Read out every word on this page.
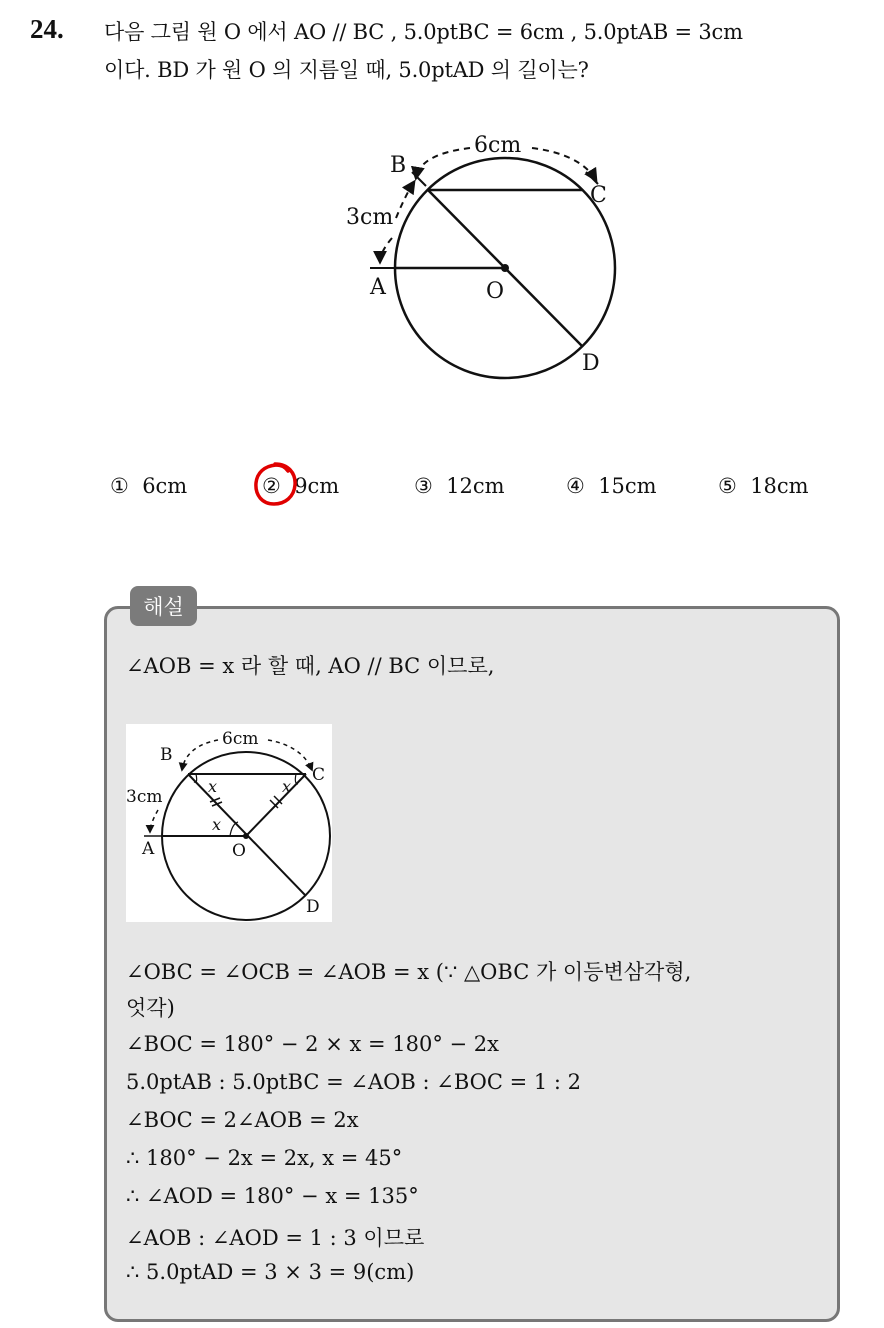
24. 다음 그림 원 O 에서 AO // BC , 5.0ptBC = 6cm , 5.0ptAB = 3cm
이다. BD 가 원 O 의 지름일 때, 5.0ptAD 의 길이는?
6cm
B
C
3cm
A	O
D
① 6cm	② 9cm	③ 12cm	④ 15cm	⑤ 18cm
해설
∠AOB = x 라 할 때, AO // BC 이므로,
6cm
B
C
3cm
A	O
D
x	x
x
∠OBC = ∠OCB = ∠AOB = x (∵ △OBC 가 이등변삼각형,
엇각)
∠BOC = 180° − 2 × x = 180° − 2x
5.0ptAB : 5.0ptBC = ∠AOB : ∠BOC = 1 : 2
∠BOC = 2∠AOB = 2x
∴ 180° − 2x = 2x, x = 45°
∴ ∠AOD = 180° − x = 135°
∠AOB : ∠AOD = 1 : 3 이므로
∴ 5.0ptAD = 3 × 3 = 9(cm)
